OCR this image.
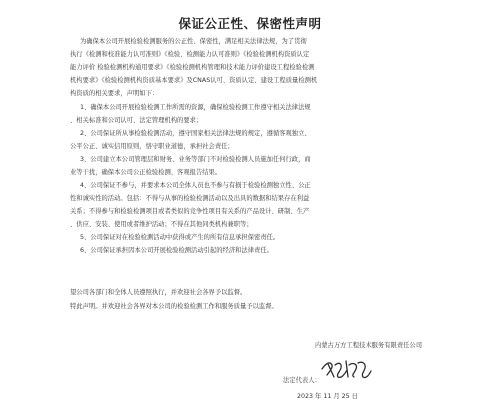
保证公正性、保密性声明
为确保本公司开展检验检测服务的公正性、保密性，满足相关法律法规，为了贯彻
执行《检测和校准能力认可准则》《检验、检测能力认可准则》《检验检测机构资质认定
能力评价 检验检测机构通用要求》《检验检测机构管理和技术能力评价建设工程检验检测
机构要求》《检验检测机构资质基本要求》及CNAS认可、资质认定、建设工程质量检测机
构资质的相关要求，声明如下：
1、确保本公司开展检验检测工作所需的资源，确保检验检测工作遵守相关法律法规
、相关标准和公司认可、法定管理机构的要求；
2、公司保证所从事检验检测活动，遵守国家相关法律法规的规定，遵循客观独立、
公平公正、诚实信用原则，恪守职业道德，承担社会责任；
3、公司建立本公司管理层和财务、业务等部门不对检验检测人员施加任何行政，商
业等干扰，确保本公司公正检验检测、客观报告结果。
4、公司保证不参与，并要求本公司全体人员也不参与有损于检验检测独立性、公正
性和诚实性的活动。包括：不得与从事的检验检测活动以及出具的数据和结果存在利益
关系；不得参与和检验检测项目或者类似的竞争性项目有关系的产品设计、研制、生产
、供应、安装、使用或者维护活动；不得在其他同类机构兼职等；
5、公司保证对在检验检测活动中获得或产生的所有信息承担保密责任。
6、公司保证承担因本公司开展检验检测活动引起的经济和法律责任。
望公司各部门和全体人员遵照执行，并欢迎社会各界予以监督。
特此声明。并欢迎社会各界对本公司的检验检测工作和服务质量予以监督。
内蒙古万方工程技术服务有限责任公司
法定代表人：
2023 年 11 月 25 日
